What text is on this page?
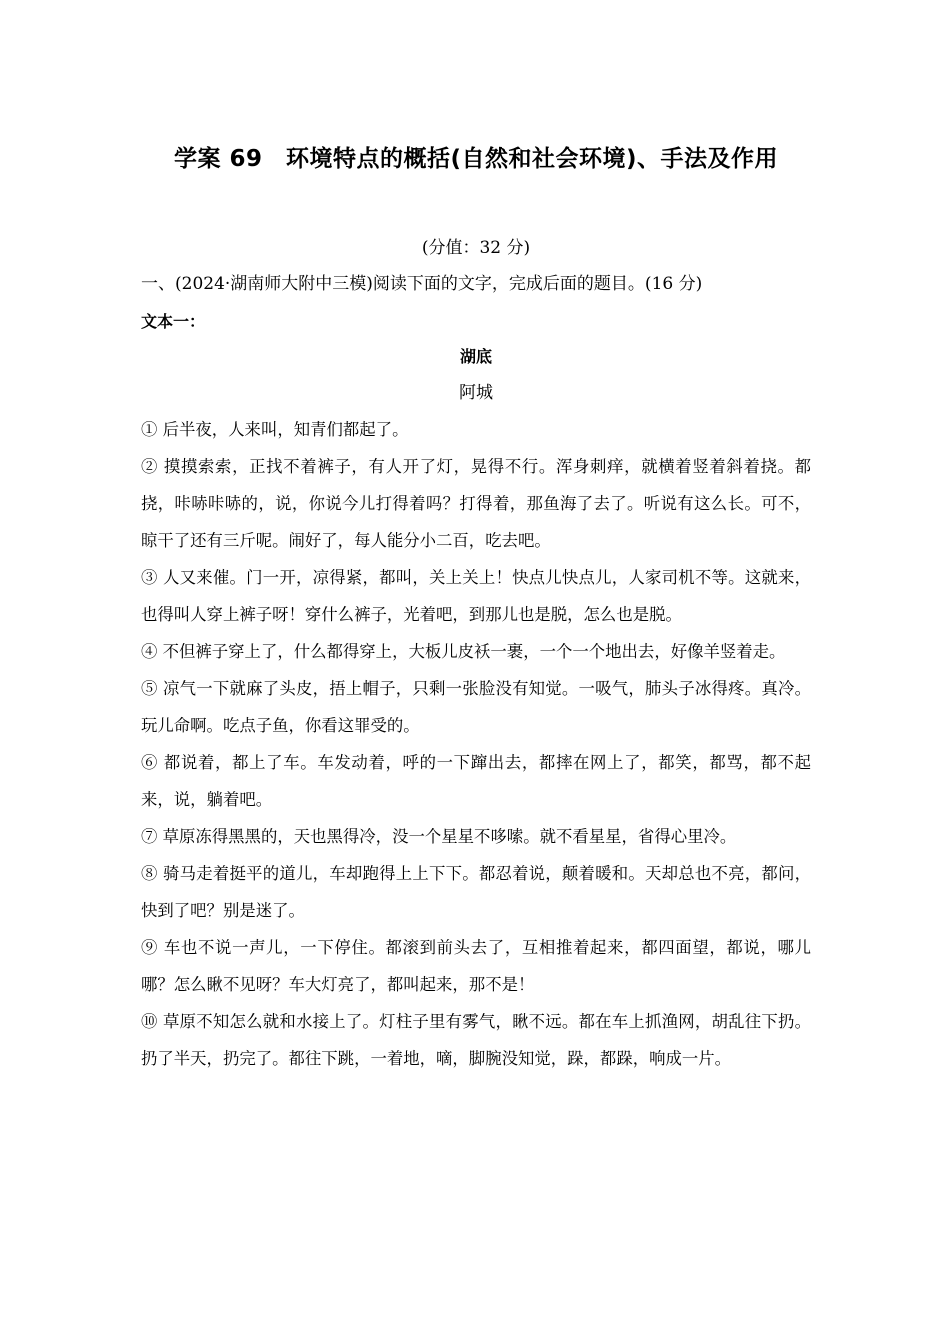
学案 69　环境特点的概括(自然和社会环境)、手法及作用
(分值：32 分)
一、(2024·湖南师大附中三模)阅读下面的文字，完成后面的题目。(16 分)
文本一：
湖底
阿城

① 后半夜，人来叫，知青们都起了。

② 摸摸索索，正找不着裤子，有人开了灯，晃得不行。浑身刺痒，就横着竖着斜着挠。都挠，咔哧咔哧的，说，你说今儿打得着吗？打得着，那鱼海了去了。听说有这么长。可不，晾干了还有三斤呢。闹好了，每人能分小二百，吃去吧。

③ 人又来催。门一开，凉得紧，都叫，关上关上！快点儿快点儿，人家司机不等。这就来，也得叫人穿上裤子呀！穿什么裤子，光着吧，到那儿也是脱，怎么也是脱。

④ 不但裤子穿上了，什么都得穿上，大板儿皮袄一裹，一个一个地出去，好像羊竖着走。

⑤ 凉气一下就麻了头皮，捂上帽子，只剩一张脸没有知觉。一吸气，肺头子冰得疼。真冷。玩儿命啊。吃点子鱼，你看这罪受的。

⑥ 都说着，都上了车。车发动着，呼的一下蹿出去，都摔在网上了，都笑，都骂，都不起来，说，躺着吧。

⑦ 草原冻得黑黑的，天也黑得冷，没一个星星不哆嗦。就不看星星，省得心里冷。

⑧ 骑马走着挺平的道儿，车却跑得上上下下。都忍着说，颠着暖和。天却总也不亮，都问，快到了吧？别是迷了。

⑨ 车也不说一声儿，一下停住。都滚到前头去了，互相推着起来，都四面望，都说，哪儿哪？怎么瞅不见呀？车大灯亮了，都叫起来，那不是！

⑩ 草原不知怎么就和水接上了。灯柱子里有雾气，瞅不远。都在车上抓渔网，胡乱往下扔。扔了半天，扔完了。都往下跳，一着地，嘀，脚腕没知觉，跺，都跺，响成一片。
